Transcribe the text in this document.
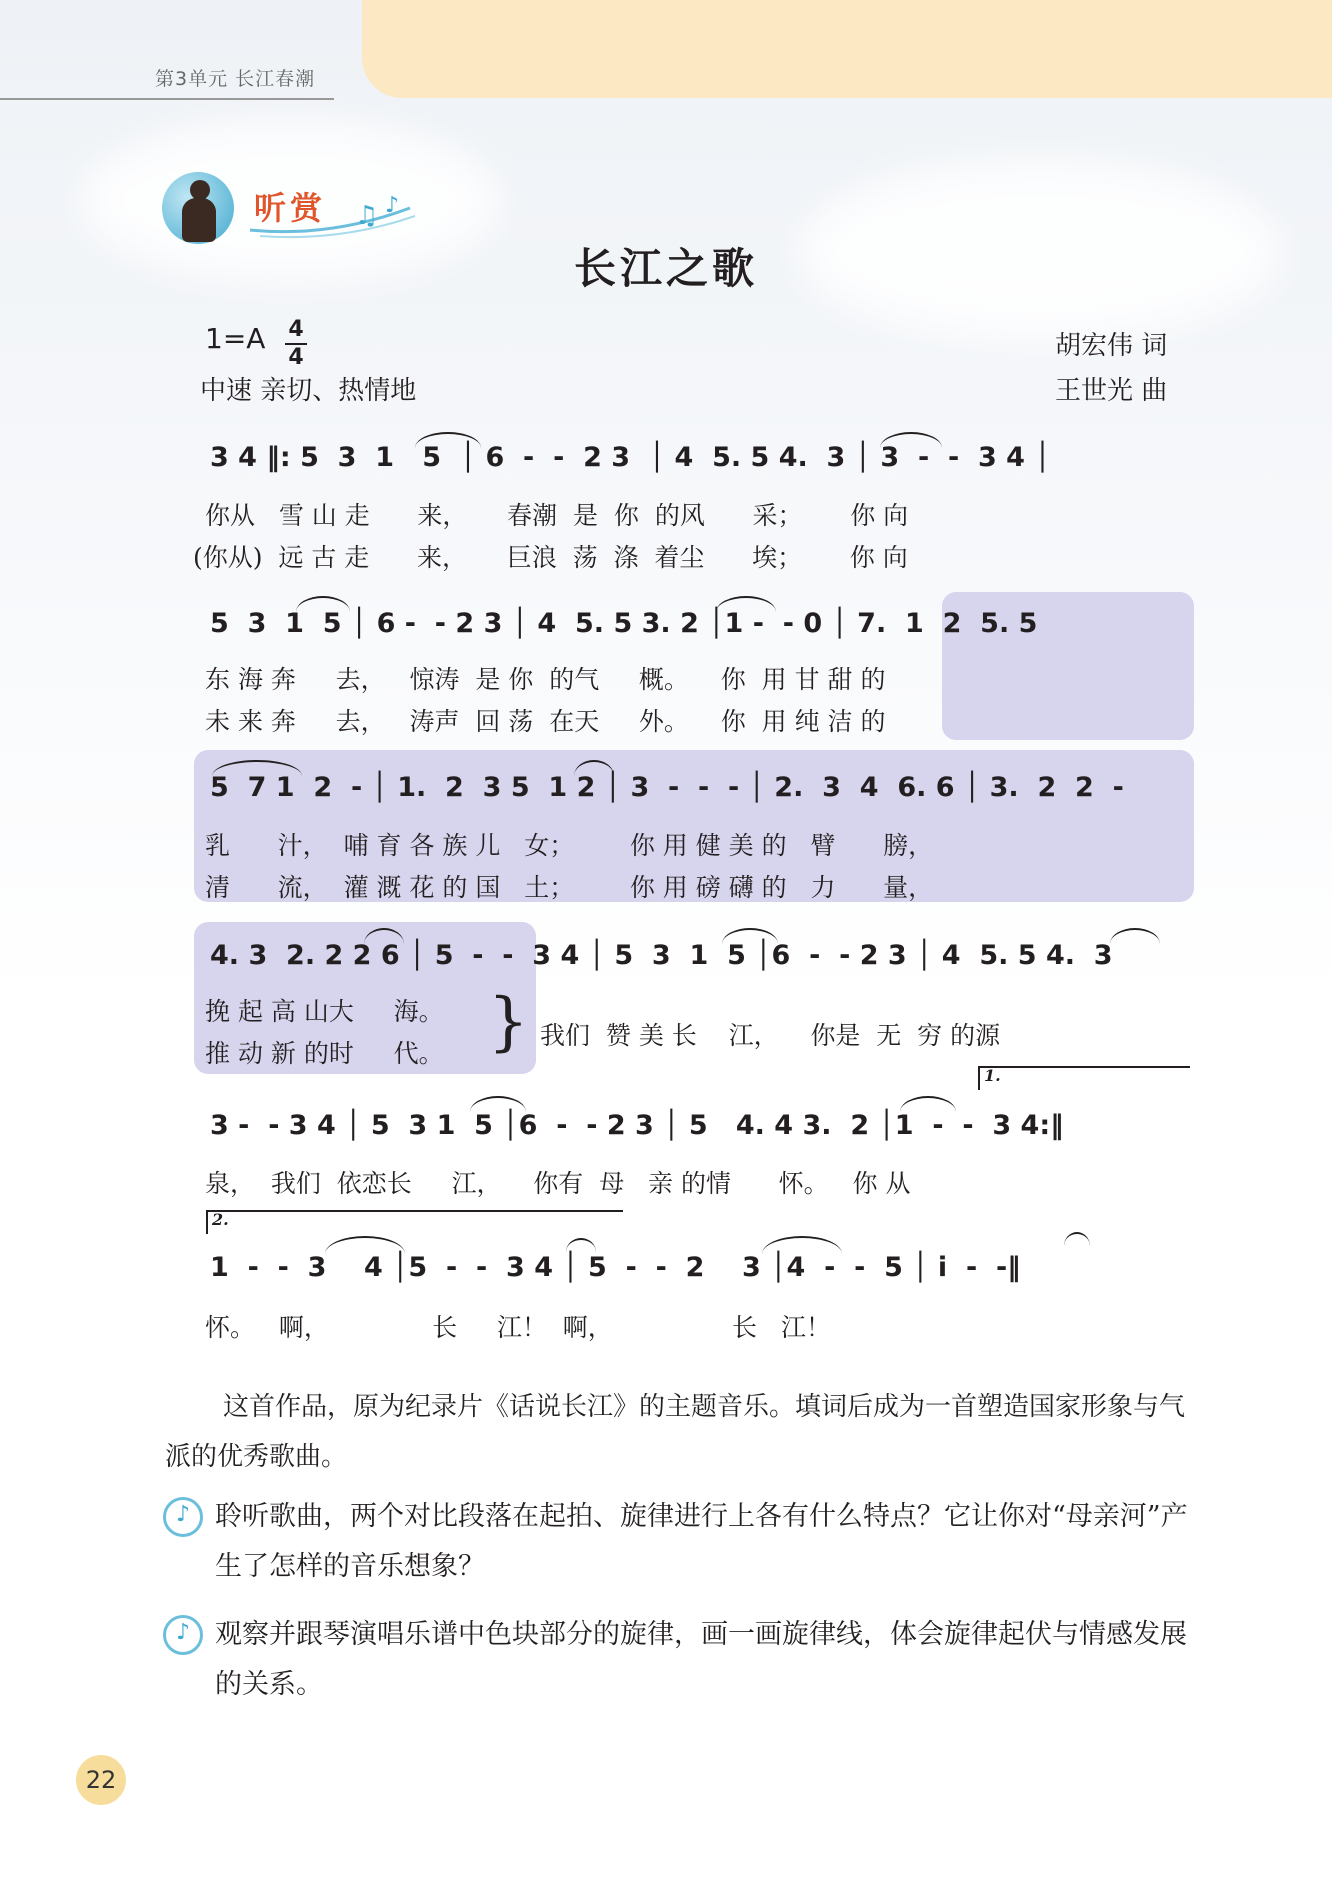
第3单元 长江春潮
♫ ♪
听赏
长江之歌
1=A 4
4
中速 亲切、热情地
胡宏伟 词
王世光 曲
3 4 ‖: 5  3  1   5  │ 6  -  -  2 3  │ 4  5. 5 4.  3 │ 3  -  -  3 4 │
你从   雪 山 走      来，     春潮  是  你  的风      采；      你 向
(你从)  远 古 走      来，     巨浪  荡  涤  着尘      埃；      你 向
5  3  1  5 │ 6 -  - 2 3 │ 4  5. 5 3. 2 │1 -  - 0 │ 7.  1  2  5. 5
东 海 奔     去，   惊涛  是 你  的气     概。    你  用 甘 甜 的
未 来 奔     去，   涛声  回 荡  在天     外。    你  用 纯 洁 的
5  7 1  2  - │ 1.  2  3 5  1 2 │ 3  -  -  - │ 2.  3  4  6. 6 │ 3.  2  2  -
乳      汁，  哺 育 各 族 儿   女；       你 用 健 美 的   臂      膀，
清      流，  灌 溉 花 的 国   土；       你 用 磅 礴 的   力      量，
4. 3  2. 2 2 6 │ 5  -  -  3 4 │ 5  3  1  5 │6  -  - 2 3 │ 4  5. 5 4.  3
挽 起 高 山大     海。
推 动 新 的时     代。 } 我们  赞 美 长    江，    你是  无  穷 的源
1.
3 -  - 3 4 │ 5  3 1  5 │6  -  - 2 3 │ 5   4. 4 3.  2 │1  -  -  3 4:‖
泉，  我们  依恋长     江，    你有  母   亲 的情      怀。   你 从
2.
1  -  -  3    4 │5  -  -  3 4 │ 5  -  -  2    3 │4  -  -  5 │ i  -  -‖
怀。   啊，             长     江！  啊，               长   江！
这首作品，原为纪录片《话说长江》的主题音乐。填词后成为一首塑造国家形象与气派的优秀歌曲。
♪ 聆听歌曲，两个对比段落在起拍、旋律进行上各有什么特点？它让你对“母亲河”产生了怎样的音乐想象？
♪ 观察并跟琴演唱乐谱中色块部分的旋律，画一画旋律线，体会旋律起伏与情感发展的关系。
22
